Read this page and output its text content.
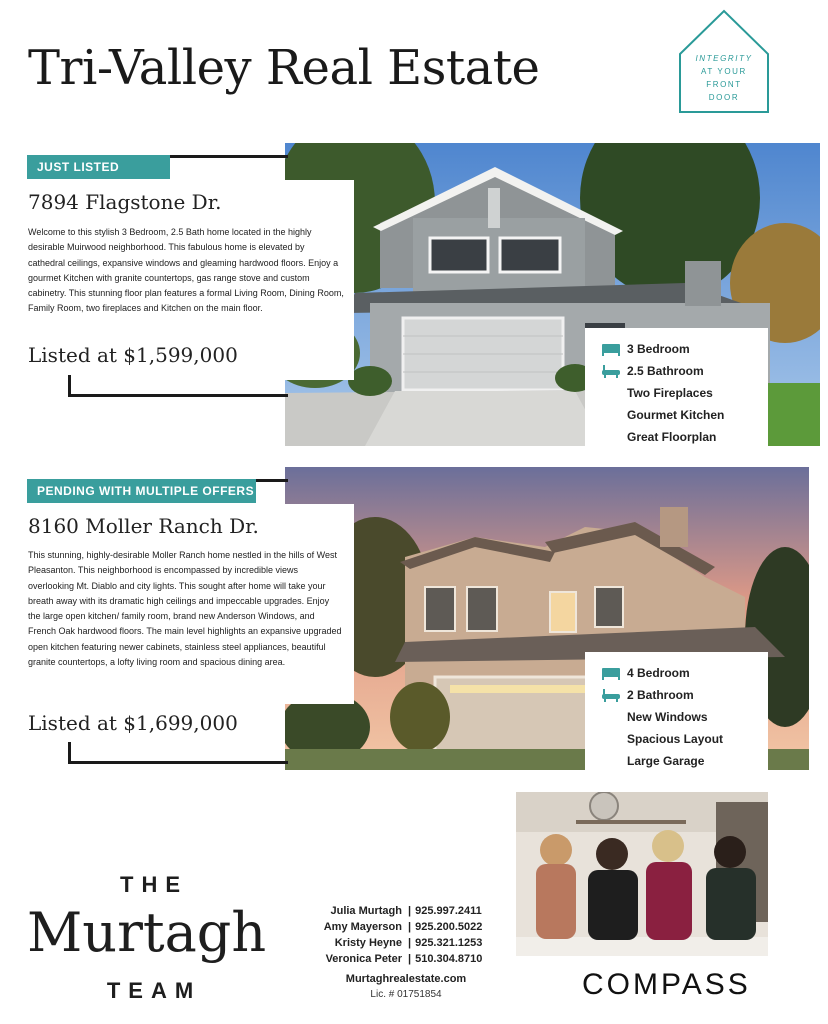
Tri-Valley Real Estate	INTEGRITY
AT YOUR
FRONT
DOOR
JUST LISTED
7894 Flagstone Dr.
Welcome to this stylish 3 Bedroom, 2.5 Bath home located in the highly desirable Muirwood neighborhood. This fabulous home is elevated by cathedral ceilings, expansive windows and gleaming hardwood floors. Enjoy a gourmet Kitchen with granite countertops, gas range stove and custom cabinetry. This stunning floor plan features a formal Living Room, Dining Room, Family Room, two fireplaces and Kitchen on the main floor.
Listed at $1,599,000	3 Bedroom
2.5 Bathroom
Two Fireplaces
Gourmet Kitchen
Great Floorplan
PENDING WITH MULTIPLE OFFERS
8160 Moller Ranch Dr.
This stunning, highly-desirable Moller Ranch home nestled in the hills of West Pleasanton. This neighborhood is encompassed by incredible views overlooking Mt. Diablo and city lights. This sought after home will take your breath away with its dramatic high ceilings and impeccable upgrades. Enjoy the large open kitchen/ family room, brand new Anderson Windows, and French Oak hardwood floors. The main level highlights an expansive upgraded open kitchen featuring newer cabinets, stainless steel appliances, beautiful granite countertops, a lofty living room and spacious dining area.
Listed at $1,699,000
4 Bedroom
2 Bathroom
New Windows
Spacious Layout
Large Garage
THE
Murtagh
TEAM
Julia Murtagh | 925.997.2411
Amy Mayerson | 925.200.5022
Kristy Heyne | 925.321.1253
Veronica Peter | 510.304.8710
Murtaghrealestate.com
Lic. # 01751854	COMPASS
